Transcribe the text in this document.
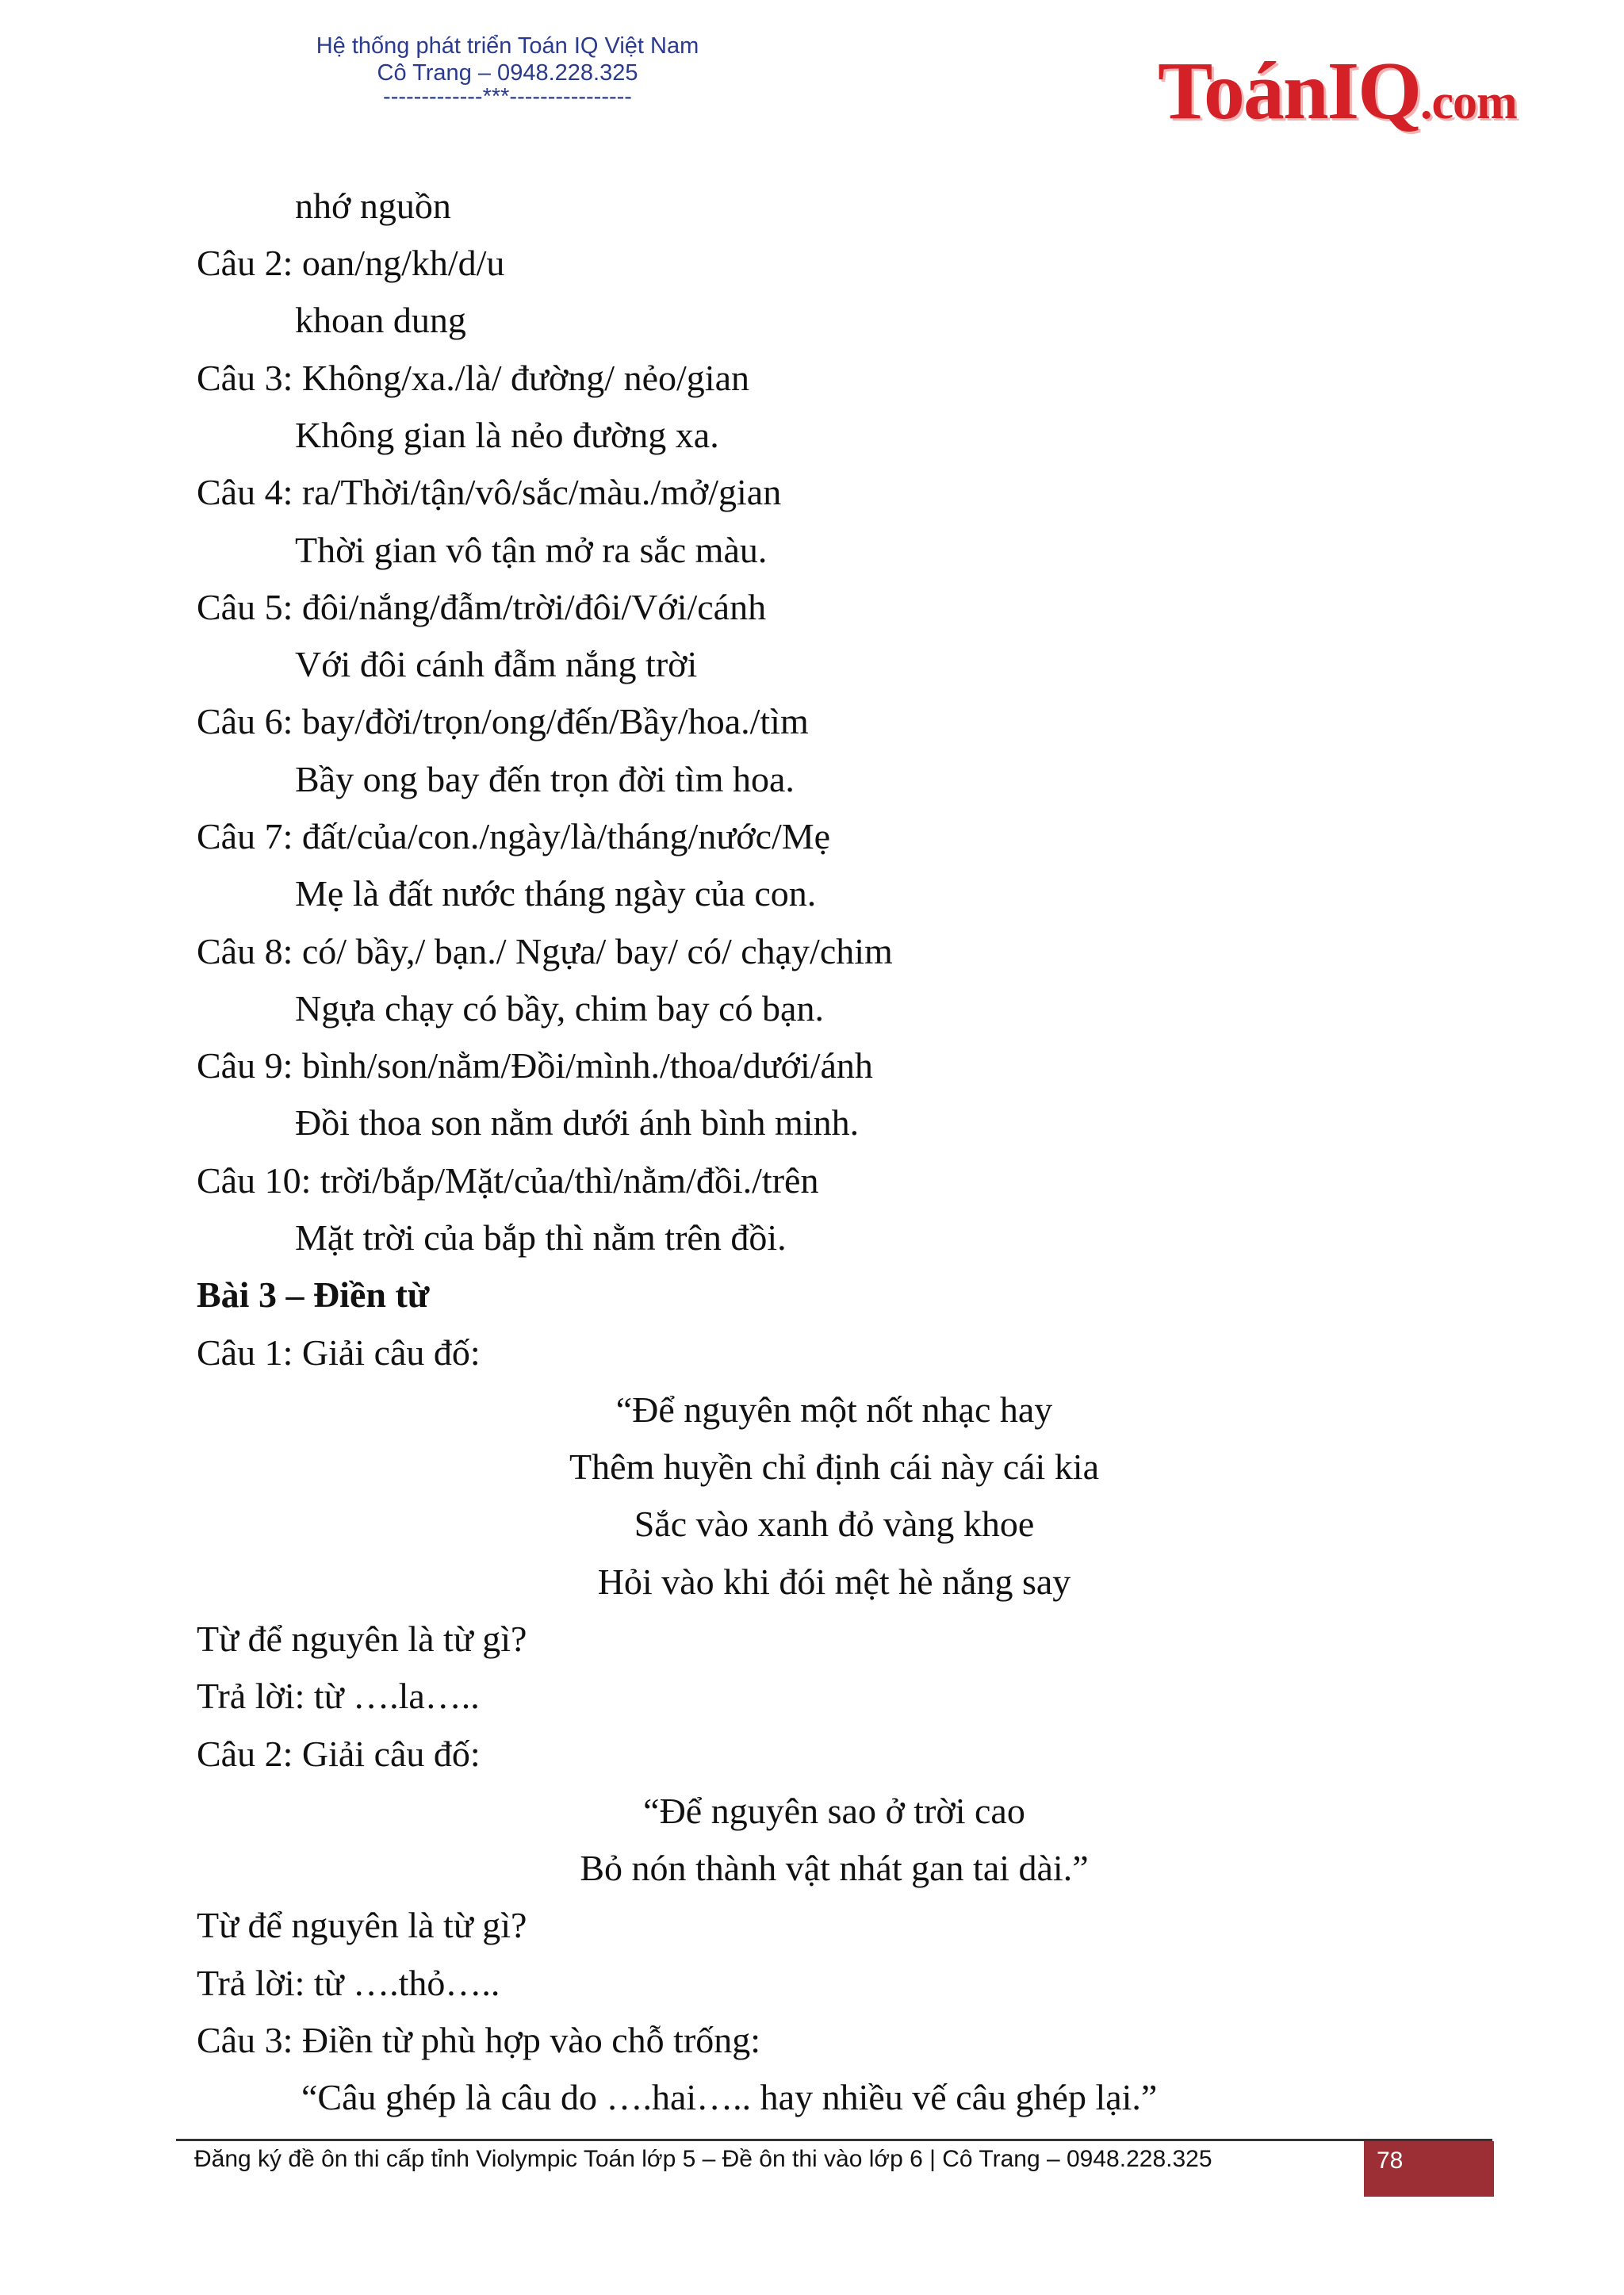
Hệ thống phát triển Toán IQ Việt Nam
Cô Trang – 0948.228.325
-------------***----------------	ToánIQ.com
nhớ nguồn
Câu 2: oan/ng/kh/d/u
khoan dung
Câu 3: Không/xa./là/ đường/ nẻo/gian
Không gian là nẻo đường xa.
Câu 4: ra/Thời/tận/vô/sắc/màu./mở/gian
Thời gian vô tận mở ra sắc màu.
Câu 5: đôi/nắng/đẫm/trời/đôi/Với/cánh
Với đôi cánh đẫm nắng trời
Câu 6: bay/đời/trọn/ong/đến/Bầy/hoa./tìm
Bầy ong bay đến trọn đời tìm hoa.
Câu 7: đất/của/con./ngày/là/tháng/nước/Mẹ
Mẹ là đất nước tháng ngày của con.
Câu 8: có/ bầy,/ bạn./ Ngựa/ bay/ có/ chạy/chim
Ngựa chạy có bầy, chim bay có bạn.
Câu 9: bình/son/nằm/Đồi/mình./thoa/dưới/ánh
Đồi thoa son nằm dưới ánh bình minh.
Câu 10: trời/bắp/Mặt/của/thì/nằm/đồi./trên
Mặt trời của bắp thì nằm trên đồi.
Bài 3 – Điền từ
Câu 1: Giải câu đố:
“Để nguyên một nốt nhạc hay
Thêm huyền chỉ định cái này cái kia
Sắc vào xanh đỏ vàng khoe
Hỏi vào khi đói mệt hè nắng say
Từ để nguyên là từ gì?
Trả lời: từ ….la…..
Câu 2: Giải câu đố:
“Để nguyên sao ở trời cao
Bỏ nón thành vật nhát gan tai dài.”
Từ để nguyên là từ gì?
Trả lời: từ ….thỏ…..
Câu 3: Điền từ phù hợp vào chỗ trống:
“Câu ghép là câu do ….hai….. hay nhiều vế câu ghép lại.”
Đăng ký đề ôn thi cấp tỉnh Violympic Toán lớp 5 – Đề ôn thi vào lớp 6 | Cô Trang – 0948.228.325	78
